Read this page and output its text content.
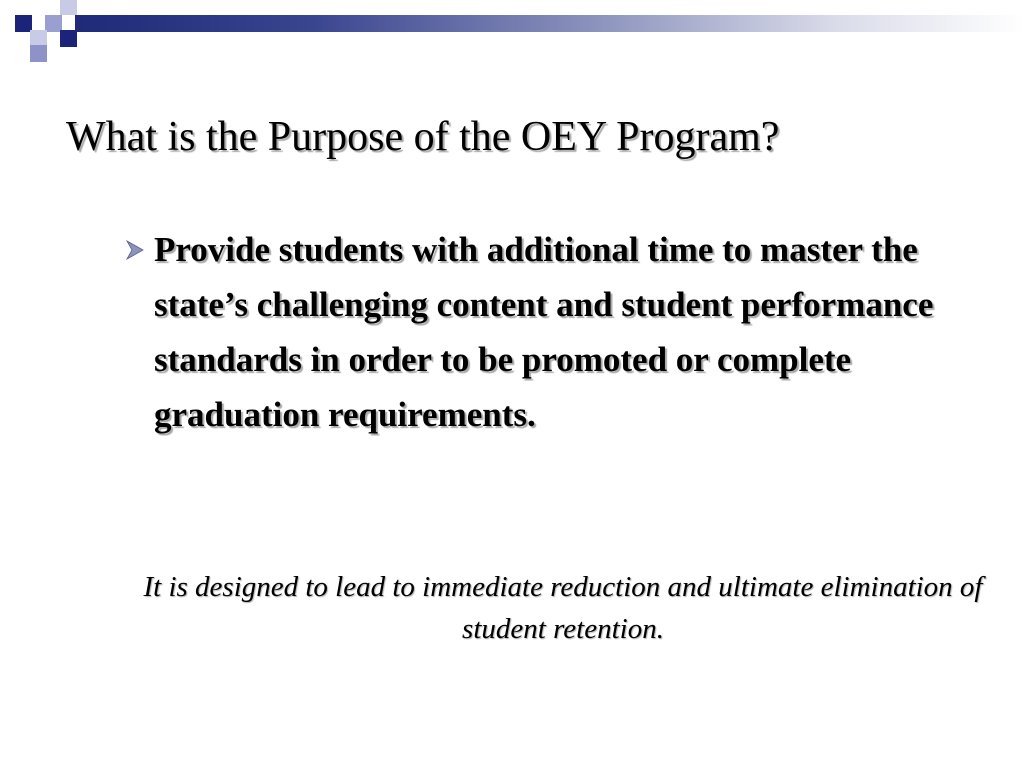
What is the Purpose of the OEY Program?

Provide students with additional time to master the state’s challenging content and student performance standards in order to be promoted or complete graduation requirements.

It is designed to lead to immediate reduction and ultimate elimination of student retention.
